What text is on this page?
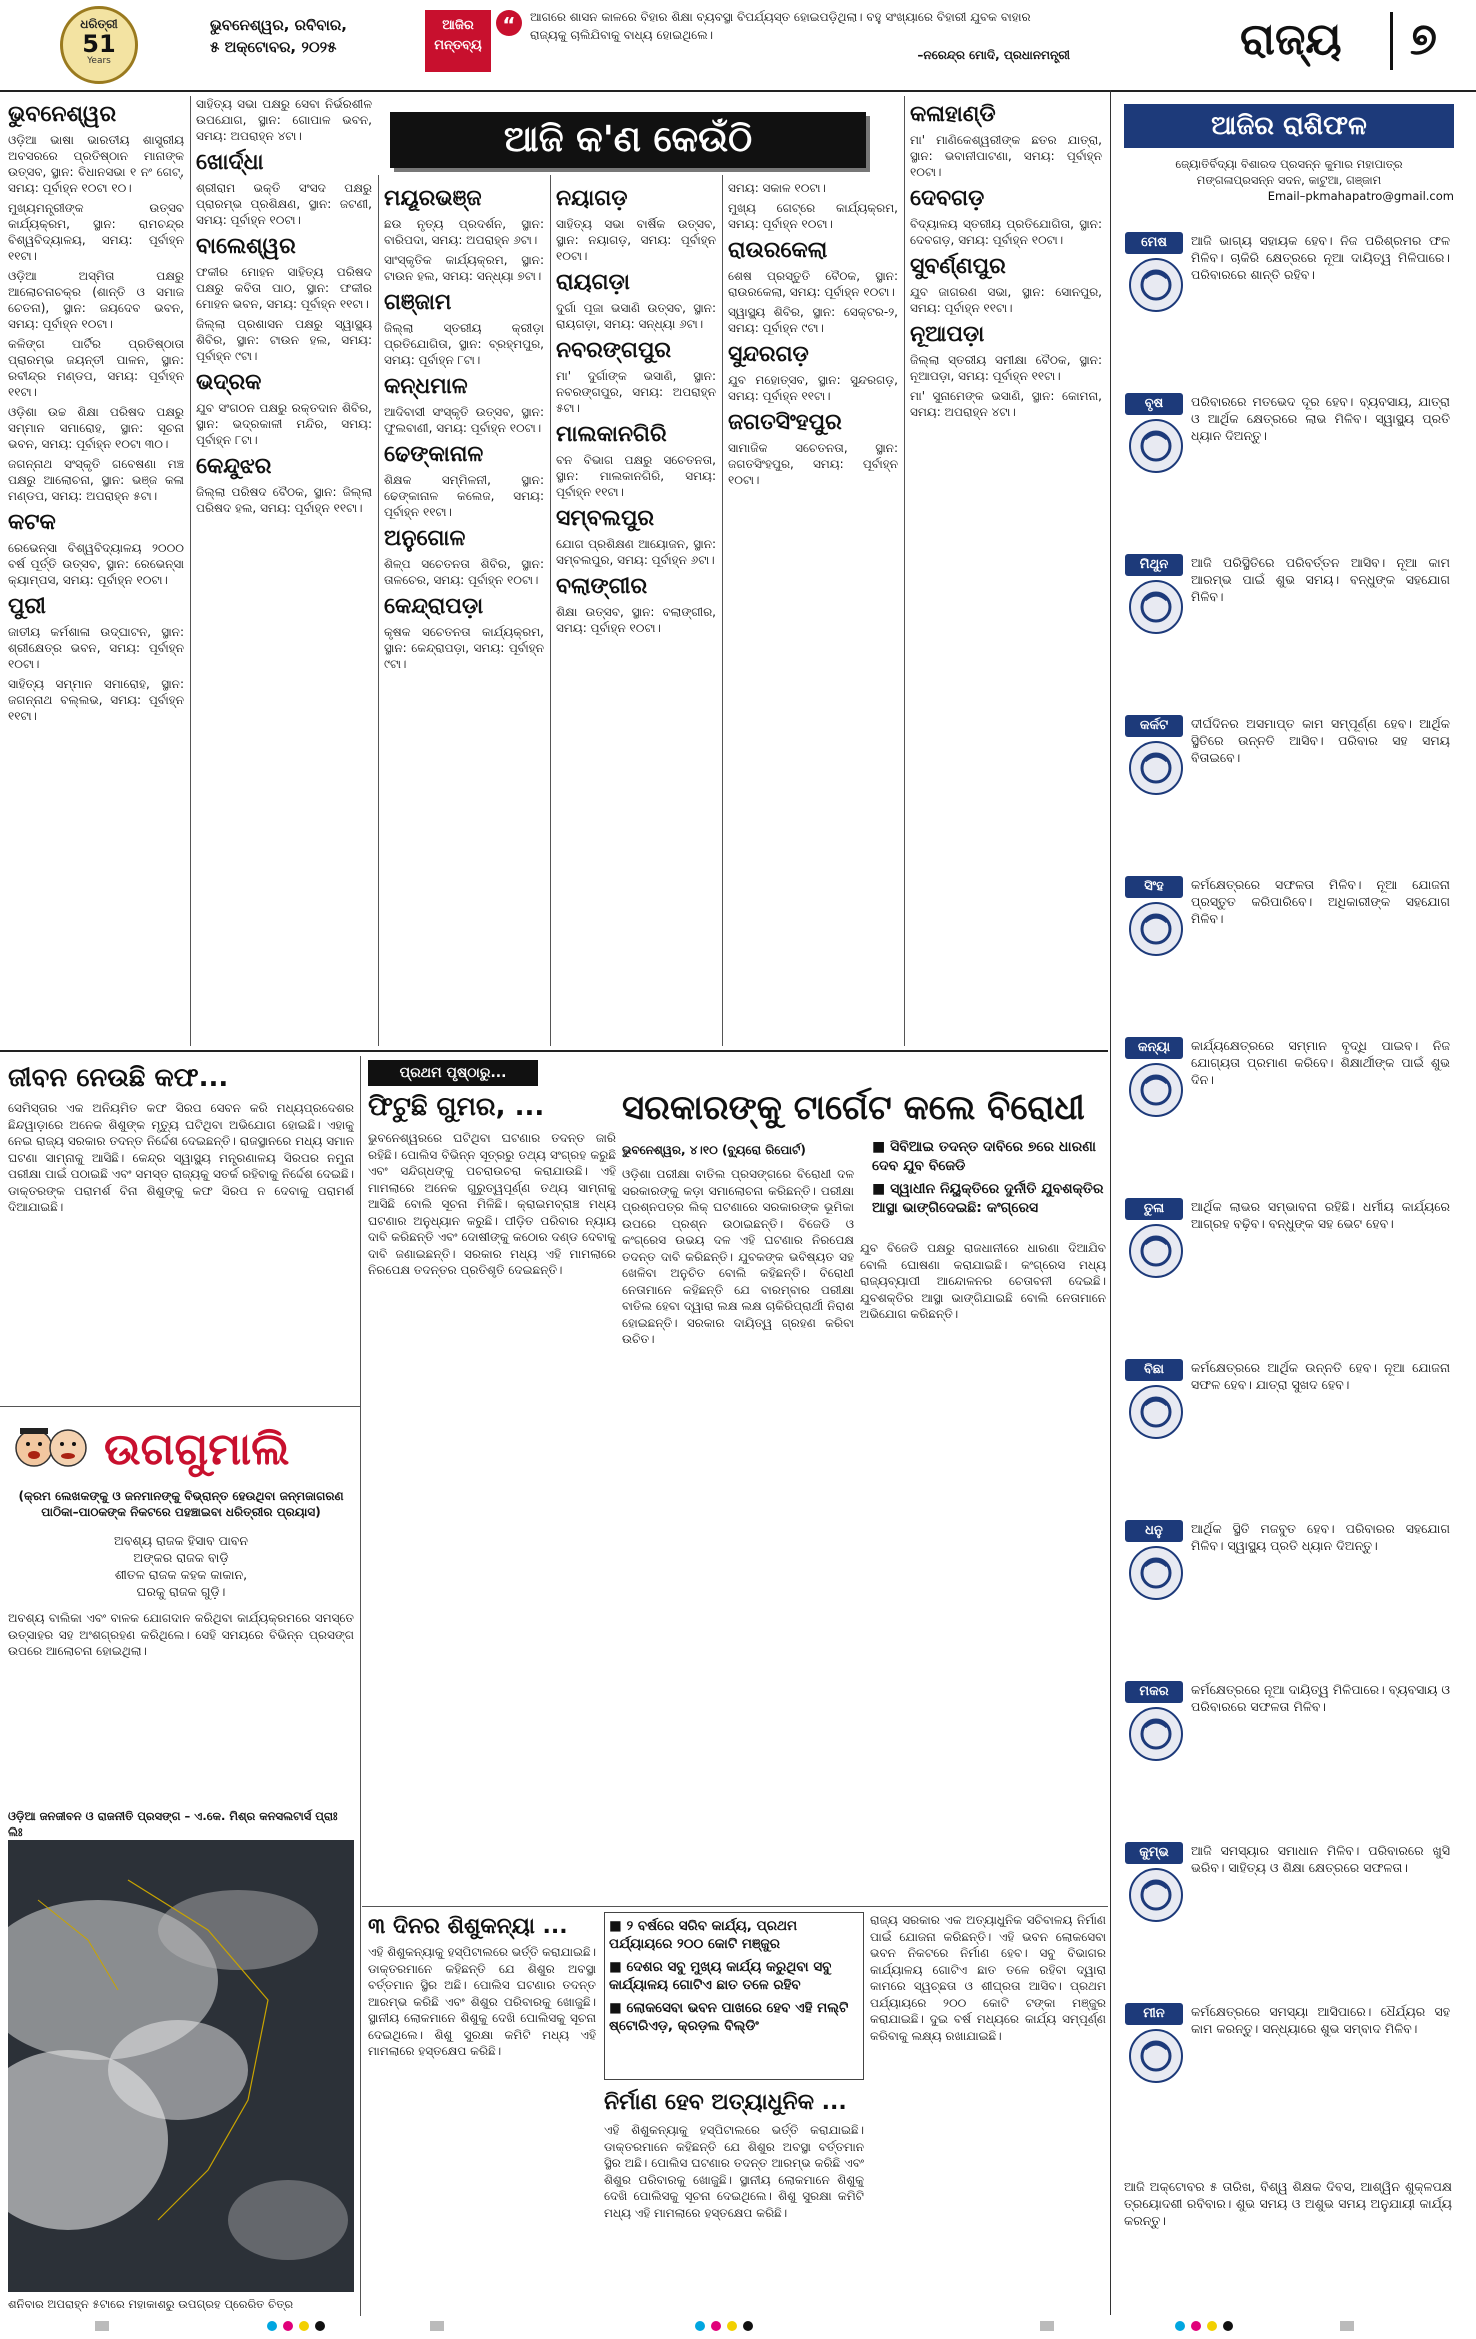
ଧରିତ୍ରୀ
51
Years
ଭୁବନେଶ୍ୱର, ରବିବାର,
୫ ଅକ୍ଟୋବର, ୨୦୨୫
ଆଜିର ମନ୍ତବ୍ୟ
“	ଆଗରେ ଶାସନ କାଳରେ ବିହାର ଶିକ୍ଷା ବ୍ୟବସ୍ଥା ବିପର୍ଯ୍ୟସ୍ତ ହୋଇପଡ଼ିଥିଲା। ବହୁ ସଂଖ୍ୟାରେ ବିହାରୀ ଯୁବକ ବାହାର ରାଜ୍ୟକୁ ଚାଲିଯିବାକୁ ବାଧ୍ୟ ହୋଇଥିଲେ।
–ନରେନ୍ଦ୍ର ମୋଦି, ପ୍ରଧାନମନ୍ତ୍ରୀ	ରାଜ୍ୟ ୭
ଆଜି କ'ଣ କେଉଁଠି
ଭୁବନେଶ୍ୱର
ଓଡ଼ିଆ ଭାଷା ଭାରତୀୟ ଶାସ୍ତ୍ରୀୟ ଅବସରରେ ପ୍ରତିଷ୍ଠାନ ମାନାଙ୍କ ଉତ୍ସବ, ସ୍ଥାନ: ବିଧାନସଭା ୧ ନଂ ଗେଟ୍, ସମୟ: ପୂର୍ବାହ୍ନ ୧୦ଟା ୧୦।
ମୁଖ୍ୟମନ୍ତ୍ରୀଙ୍କ ଉତ୍ସବ କାର୍ଯ୍ୟକ୍ରମ, ସ୍ଥାନ: ରାମଚନ୍ଦ୍ର ବିଶ୍ୱବିଦ୍ୟାଳୟ, ସମୟ: ପୂର୍ବାହ୍ନ ୧୧ଟା।
ଓଡ଼ିଆ ଅସ୍ମିତା ପକ୍ଷରୁ ଆଲୋଚନାଚକ୍ର (ଶାନ୍ତି ଓ ସମାଜ ଚେତନା), ସ୍ଥାନ: ଜୟଦେବ ଭବନ, ସମୟ: ପୂର୍ବାହ୍ନ ୧୦ଟା।
କଳିଙ୍ଗ ପାର୍ଟିର ପ୍ରତିଷ୍ଠାତା ପ୍ରାରମ୍ଭ ଜୟନ୍ତୀ ପାଳନ, ସ୍ଥାନ: ରବୀନ୍ଦ୍ର ମଣ୍ଡପ, ସମୟ: ପୂର୍ବାହ୍ନ ୧୧ଟା।
ଓଡ଼ିଶା ଉଚ୍ଚ ଶିକ୍ଷା ପରିଷଦ ପକ୍ଷରୁ ସମ୍ମାନ ସମାରୋହ, ସ୍ଥାନ: ସୂଚନା ଭବନ, ସମୟ: ପୂର୍ବାହ୍ନ ୧୦ଟା ୩୦।
ଜଗନ୍ନାଥ ସଂସ୍କୃତି ଗବେଷଣା ମଞ୍ଚ ପକ୍ଷରୁ ଆଲୋଚନା, ସ୍ଥାନ: ଭଞ୍ଜ କଳା ମଣ୍ଡପ, ସମୟ: ଅପରାହ୍ନ ୫ଟା।
କଟକ
ରେଭେନ୍ସା ବିଶ୍ୱବିଦ୍ୟାଳୟ ୨୦୦୦ ବର୍ଷ ପୂର୍ତ୍ତି ଉତ୍ସବ, ସ୍ଥାନ: ରେଭେନ୍ସା କ୍ୟାମ୍ପସ, ସମୟ: ପୂର୍ବାହ୍ନ ୧୦ଟା।
ପୁରୀ
ଜାତୀୟ କର୍ମଶାଳା ଉଦ୍‌ଘାଟନ, ସ୍ଥାନ: ଶ୍ରୀକ୍ଷେତ୍ର ଭବନ, ସମୟ: ପୂର୍ବାହ୍ନ ୧୦ଟା।
ସାହିତ୍ୟ ସମ୍ମାନ ସମାରୋହ, ସ୍ଥାନ: ଜଗନ୍ନାଥ ବଲ୍ଲଭ, ସମୟ: ପୂର୍ବାହ୍ନ ୧୧ଟା।
ସାହିତ୍ୟ ସଭା ପକ୍ଷରୁ ସେବା ନିର୍ଭରଶୀଳ ଉପଯୋଗ, ସ୍ଥାନ: ଗୋପାଳ ଭବନ, ସମୟ: ଅପରାହ୍ନ ୪ଟା।
ଖୋର୍ଦ୍ଧା
ଶ୍ରୀରାମ ଭକ୍ତି ସଂସଦ ପକ୍ଷରୁ ପ୍ରାରମ୍ଭ ପ୍ରଶିକ୍ଷଣ, ସ୍ଥାନ: ଜଟଣୀ, ସମୟ: ପୂର୍ବାହ୍ନ ୧୦ଟା।
ବାଲେଶ୍ୱର
ଫକୀର ମୋହନ ସାହିତ୍ୟ ପରିଷଦ ପକ୍ଷରୁ କବିତା ପାଠ, ସ୍ଥାନ: ଫକୀର ମୋହନ ଭବନ, ସମୟ: ପୂର୍ବାହ୍ନ ୧୧ଟା।
ଜିଲ୍ଲା ପ୍ରଶାସନ ପକ୍ଷରୁ ସ୍ୱାସ୍ଥ୍ୟ ଶିବିର, ସ୍ଥାନ: ଟାଉନ ହଲ, ସମୟ: ପୂର୍ବାହ୍ନ ୯ଟା।
ଭଦ୍ରକ
ଯୁବ ସଂଗଠନ ପକ୍ଷରୁ ରକ୍ତଦାନ ଶିବିର, ସ୍ଥାନ: ଭଦ୍ରକାଳୀ ମନ୍ଦିର, ସମୟ: ପୂର୍ବାହ୍ନ ୮ଟା।
କେନ୍ଦୁଝର
ଜିଲ୍ଲା ପରିଷଦ ବୈଠକ, ସ୍ଥାନ: ଜିଲ୍ଲା ପରିଷଦ ହଲ, ସମୟ: ପୂର୍ବାହ୍ନ ୧୧ଟା।
ମୟୂରଭଞ୍ଜ
ଛଉ ନୃତ୍ୟ ପ୍ରଦର୍ଶନ, ସ୍ଥାନ: ବାରିପଦା, ସମୟ: ଅପରାହ୍ନ ୬ଟା।
ସାଂସ୍କୃତିକ କାର୍ଯ୍ୟକ୍ରମ, ସ୍ଥାନ: ଟାଉନ ହଲ, ସମୟ: ସନ୍ଧ୍ୟା ୭ଟା।
ଗଞ୍ଜାମ
ଜିଲ୍ଲା ସ୍ତରୀୟ କ୍ରୀଡ଼ା ପ୍ରତିଯୋଗିତା, ସ୍ଥାନ: ବ୍ରହ୍ମପୁର, ସମୟ: ପୂର୍ବାହ୍ନ ୮ଟା।
କନ୍ଧମାଳ
ଆଦିବାସୀ ସଂସ୍କୃତି ଉତ୍ସବ, ସ୍ଥାନ: ଫୁଲବାଣୀ, ସମୟ: ପୂର୍ବାହ୍ନ ୧୦ଟା।
ଢେଙ୍କାନାଳ
ଶିକ୍ଷକ ସମ୍ମିଳନୀ, ସ୍ଥାନ: ଢେଙ୍କାନାଳ କଲେଜ, ସମୟ: ପୂର୍ବାହ୍ନ ୧୧ଟା।
ଅନୁଗୋଳ
ଶିଳ୍ପ ସଚେତନତା ଶିବିର, ସ୍ଥାନ: ତାଳଚେର, ସମୟ: ପୂର୍ବାହ୍ନ ୧୦ଟା।
କେନ୍ଦ୍ରାପଡ଼ା
କୃଷକ ସଚେତନତା କାର୍ଯ୍ୟକ୍ରମ, ସ୍ଥାନ: କେନ୍ଦ୍ରାପଡ଼ା, ସମୟ: ପୂର୍ବାହ୍ନ ୯ଟା।
ନୟାଗଡ଼
ସାହିତ୍ୟ ସଭା ବାର୍ଷିକ ଉତ୍ସବ, ସ୍ଥାନ: ନୟାଗଡ଼, ସମୟ: ପୂର୍ବାହ୍ନ ୧୦ଟା।
ରାୟଗଡ଼ା
ଦୁର୍ଗା ପୂଜା ଭସାଣି ଉତ୍ସବ, ସ୍ଥାନ: ରାୟଗଡ଼ା, ସମୟ: ସନ୍ଧ୍ୟା ୬ଟା।
ନବରଙ୍ଗପୁର
ମା' ଦୁର୍ଗାଙ୍କ ଭସାଣି, ସ୍ଥାନ: ନବରଙ୍ଗପୁର, ସମୟ: ଅପରାହ୍ନ ୫ଟା।
ମାଲକାନଗିରି
ବନ ବିଭାଗ ପକ୍ଷରୁ ସଚେତନତା, ସ୍ଥାନ: ମାଲକାନଗିରି, ସମୟ: ପୂର୍ବାହ୍ନ ୧୧ଟା।
ସମ୍ବଲପୁର
ଯୋଗ ପ୍ରଶିକ୍ଷଣ ଆୟୋଜନ, ସ୍ଥାନ: ସମ୍ବଲପୁର, ସମୟ: ପୂର୍ବାହ୍ନ ୬ଟା।
ବଲାଙ୍ଗୀର
ଶିକ୍ଷା ଉତ୍ସବ, ସ୍ଥାନ: ବଲାଙ୍ଗୀର, ସମୟ: ପୂର୍ବାହ୍ନ ୧୦ଟା।
ସମୟ: ସକାଳ ୧୦ଟା।
ମୁଖ୍ୟ ଗେଟ୍‌ରେ କାର୍ଯ୍ୟକ୍ରମ, ସମୟ: ପୂର୍ବାହ୍ନ ୧୦ଟା।
ରାଉରକେଲା
ଶେଷ ପ୍ରସ୍ତୁତି ବୈଠକ, ସ୍ଥାନ: ରାଉରକେଲା, ସମୟ: ପୂର୍ବାହ୍ନ ୧୦ଟା।
ସ୍ୱାସ୍ଥ୍ୟ ଶିବିର, ସ୍ଥାନ: ସେକ୍ଟର-୨, ସମୟ: ପୂର୍ବାହ୍ନ ୯ଟା।
ସୁନ୍ଦରଗଡ଼
ଯୁବ ମହୋତ୍ସବ, ସ୍ଥାନ: ସୁନ୍ଦରଗଡ଼, ସମୟ: ପୂର୍ବାହ୍ନ ୧୧ଟା।
ଜଗତସିଂହପୁର
ସାମାଜିକ ସଚେତନତା, ସ୍ଥାନ: ଜଗତସିଂହପୁର, ସମୟ: ପୂର୍ବାହ୍ନ ୧୦ଟା।
କଳାହାଣ୍ଡି
ମା' ମାଣିକେଶ୍ୱରୀଙ୍କ ଛତର ଯାତ୍ରା, ସ୍ଥାନ: ଭବାନୀପାଟଣା, ସମୟ: ପୂର୍ବାହ୍ନ ୧୦ଟା।
ଦେବଗଡ଼
ବିଦ୍ୟାଳୟ ସ୍ତରୀୟ ପ୍ରତିଯୋଗିତା, ସ୍ଥାନ: ଦେବଗଡ଼, ସମୟ: ପୂର୍ବାହ୍ନ ୧୦ଟା।
ସୁବର୍ଣ୍ଣପୁର
ଯୁବ ଜାଗରଣ ସଭା, ସ୍ଥାନ: ସୋନପୁର, ସମୟ: ପୂର୍ବାହ୍ନ ୧୧ଟା।
ନୂଆପଡ଼ା
ଜିଲ୍ଲା ସ୍ତରୀୟ ସମୀକ୍ଷା ବୈଠକ, ସ୍ଥାନ: ନୂଆପଡ଼ା, ସମୟ: ପୂର୍ବାହ୍ନ ୧୧ଟା।
ମା' ସୁନାମେଙ୍କ ଭସାଣି, ସ୍ଥାନ: କୋମନା, ସମୟ: ଅପରାହ୍ନ ୪ଟା।
ଆଜିର ରାଶିଫଳ
ଜ୍ୟୋତିର୍ବିଦ୍ୟା ବିଶାରଦ ପ୍ରସନ୍ନ କୁମାର ମହାପାତ୍ର
ମଙ୍ଗଳାପ୍ରସନ୍ନ ସଦନ, କାଟୁଆ, ଗଞ୍ଜାମ
Email–pkmahapatro@gmail.com
ମେଷ	ଆଜି ଭାଗ୍ୟ ସହାୟକ ହେବ। ନିଜ ପରିଶ୍ରମର ଫଳ ମିଳିବ। ଚାକିରି କ୍ଷେତ୍ରରେ ନୂଆ ଦାୟିତ୍ୱ ମିଳିପାରେ। ପରିବାରରେ ଶାନ୍ତି ରହିବ।
ବୃଷ	ପରିବାରରେ ମତଭେଦ ଦୂର ହେବ। ବ୍ୟବସାୟ, ଯାତ୍ରା ଓ ଆର୍ଥିକ କ୍ଷେତ୍ରରେ ଲାଭ ମିଳିବ। ସ୍ୱାସ୍ଥ୍ୟ ପ୍ରତି ଧ୍ୟାନ ଦିଅନ୍ତୁ।
ମିଥୁନ	ଆଜି ପରିସ୍ଥିତିରେ ପରିବର୍ତ୍ତନ ଆସିବ। ନୂଆ କାମ ଆରମ୍ଭ ପାଇଁ ଶୁଭ ସମୟ। ବନ୍ଧୁଙ୍କ ସହଯୋଗ ମିଳିବ।
କର୍କଟ	ଦୀର୍ଘଦିନର ଅସମାପ୍ତ କାମ ସମ୍ପୂର୍ଣ୍ଣ ହେବ। ଆର୍ଥିକ ସ୍ଥିତିରେ ଉନ୍ନତି ଆସିବ। ପରିବାର ସହ ସମୟ ବିତାଇବେ।
ସିଂହ	କର୍ମକ୍ଷେତ୍ରରେ ସଫଳତା ମିଳିବ। ନୂଆ ଯୋଜନା ପ୍ରସ୍ତୁତ କରିପାରିବେ। ଅଧିକାରୀଙ୍କ ସହଯୋଗ ମିଳିବ।
କନ୍ୟା	କାର୍ଯ୍ୟକ୍ଷେତ୍ରରେ ସମ୍ମାନ ବୃଦ୍ଧି ପାଇବ। ନିଜ ଯୋଗ୍ୟତା ପ୍ରମାଣ କରିବେ। ଶିକ୍ଷାର୍ଥୀଙ୍କ ପାଇଁ ଶୁଭ ଦିନ।
ତୁଳା	ଆର୍ଥିକ ଲାଭର ସମ୍ଭାବନା ରହିଛି। ଧର୍ମୀୟ କାର୍ଯ୍ୟରେ ଆଗ୍ରହ ବଢ଼ିବ। ବନ୍ଧୁଙ୍କ ସହ ଭେଟ ହେବ।
ବିଛା	କର୍ମକ୍ଷେତ୍ରରେ ଆର୍ଥିକ ଉନ୍ନତି ହେବ। ନୂଆ ଯୋଜନା ସଫଳ ହେବ। ଯାତ୍ରା ସୁଖଦ ହେବ।
ଧନୁ	ଆର୍ଥିକ ସ୍ଥିତି ମଜବୁତ ହେବ। ପରିବାରର ସହଯୋଗ ମିଳିବ। ସ୍ୱାସ୍ଥ୍ୟ ପ୍ରତି ଧ୍ୟାନ ଦିଅନ୍ତୁ।
ମକର	କର୍ମକ୍ଷେତ୍ରରେ ନୂଆ ଦାୟିତ୍ୱ ମିଳିପାରେ। ବ୍ୟବସାୟ ଓ ପରିବାରରେ ସଫଳତା ମିଳିବ।
କୁମ୍ଭ	ଆଜି ସମସ୍ୟାର ସମାଧାନ ମିଳିବ। ପରିବାରରେ ଖୁସି ଭରିବ। ସାହିତ୍ୟ ଓ ଶିକ୍ଷା କ୍ଷେତ୍ରରେ ସଫଳତା।
ମୀନ	କର୍ମକ୍ଷେତ୍ରରେ ସମସ୍ୟା ଆସିପାରେ। ଧୈର୍ଯ୍ୟର ସହ କାମ କରନ୍ତୁ। ସନ୍ଧ୍ୟାରେ ଶୁଭ ସମ୍ବାଦ ମିଳିବ।
ଆଜି ଅକ୍ଟୋବର ୫ ତାରିଖ, ବିଶ୍ୱ ଶିକ୍ଷକ ଦିବସ, ଆଶ୍ୱିନ ଶୁକ୍ଳପକ୍ଷ ତ୍ରୟୋଦଶୀ ରବିବାର। ଶୁଭ ସମୟ ଓ ଅଶୁଭ ସମୟ ଅନୁଯାୟୀ କାର୍ଯ୍ୟ କରନ୍ତୁ।
ଜୀବନ ନେଉଛି କଫ...
ସେମିସ୍ତାର ଏକ ଅନିୟମିତ କଫ ସିରପ ସେବନ କରି ମଧ୍ୟପ୍ରଦେଶର ଛିନ୍ଦୱାଡ଼ାରେ ଅନେକ ଶିଶୁଙ୍କ ମୃତ୍ୟୁ ଘଟିଥିବା ଅଭିଯୋଗ ହୋଇଛି। ଏହାକୁ ନେଇ ରାଜ୍ୟ ସରକାର ତଦନ୍ତ ନିର୍ଦ୍ଦେଶ ଦେଇଛନ୍ତି। ରାଜସ୍ଥାନରେ ମଧ୍ୟ ସମାନ ଘଟଣା ସାମ୍ନାକୁ ଆସିଛି। କେନ୍ଦ୍ର ସ୍ୱାସ୍ଥ୍ୟ ମନ୍ତ୍ରଣାଳୟ ସିରପର ନମୁନା ପରୀକ୍ଷା ପାଇଁ ପଠାଇଛି ଏବଂ ସମସ୍ତ ରାଜ୍ୟକୁ ସତର୍କ ରହିବାକୁ ନିର୍ଦ୍ଦେଶ ଦେଇଛି। ଡାକ୍ତରଙ୍କ ପରାମର୍ଶ ବିନା ଶିଶୁଙ୍କୁ କଫ ସିରପ ନ ଦେବାକୁ ପରାମର୍ଶ ଦିଆଯାଇଛି।
ଉଗଗୁମାଲି
(କ୍ରମ ଲେଖକଙ୍କୁ ଓ ଜନମାନଙ୍କୁ ବିଭ୍ରାନ୍ତ ହେଉଥିବା ଜନ୍ମଜାଗରଣ ପାଠିକା–ପାଠକଙ୍କ ନିକଟରେ ପହଞ୍ଚାଇବା ଧରିତ୍ରୀର ପ୍ରୟାସ)
ଅବଶ୍ୟ ରାଜକ ହିସାବ ପାବନ
ଅଙ୍କର ରାଜକ ବାଡ଼ି
ଶୀତଳ ରାଜକ କହକ କାକାନ,
ଘରକୁ ରାଜକ ଗୁଡ଼ି।
ଅବଶ୍ୟ ବାଲିକା ଏବଂ ବାଳକ ଯୋଗଦାନ କରିଥିବା କାର୍ଯ୍ୟକ୍ରମରେ ସମସ୍ତେ ଉତ୍ସାହର ସହ ଅଂଶଗ୍ରହଣ କରିଥିଲେ। ସେହି ସମୟରେ ବିଭିନ୍ନ ପ୍ରସଙ୍ଗ ଉପରେ ଆଲୋଚନା ହୋଇଥିଲା।
ଓଡ଼ିଆ ଜନଜୀବନ ଓ ରାଜନୀତି ପ୍ରସଙ୍ଗ – ଏ.କେ. ମିଶ୍ର କନସଲଟାର୍ସ ପ୍ରାଃ ଲିଃ
ଶନିବାର ଅପରାହ୍ନ ୫ଟାରେ ମହାକାଶରୁ ଉପଗ୍ରହ ପ୍ରେରିତ ଚିତ୍ର
ପ୍ରଥମ ପୃଷ୍ଠାରୁ...
ଫିଟୁଛି ଗୁମର, ...
ଭୁବନେଶ୍ୱରରେ ଘଟିଥିବା ଘଟଣାର ତଦନ୍ତ ଜାରି ରହିଛି। ପୋଲିସ ବିଭିନ୍ନ ସୂତ୍ରରୁ ତଥ୍ୟ ସଂଗ୍ରହ କରୁଛି ଏବଂ ସନ୍ଦିଗ୍ଧଙ୍କୁ ପଚରାଉଚରା କରାଯାଉଛି। ଏହି ମାମଲାରେ ଅନେକ ଗୁରୁତ୍ୱପୂର୍ଣ୍ଣ ତଥ୍ୟ ସାମ୍ନାକୁ ଆସିଛି ବୋଲି ସୂଚନା ମିଳିଛି। କ୍ରାଇମବ୍ରାଞ୍ଚ ମଧ୍ୟ ଘଟଣାର ଅନୁଧ୍ୟାନ କରୁଛି। ପୀଡ଼ିତ ପରିବାର ନ୍ୟାୟ ଦାବି କରିଛନ୍ତି ଏବଂ ଦୋଷୀଙ୍କୁ କଠୋର ଦଣ୍ଡ ଦେବାକୁ ଦାବି ଜଣାଇଛନ୍ତି। ସରକାର ମଧ୍ୟ ଏହି ମାମଲାରେ ନିରପେକ୍ଷ ତଦନ୍ତର ପ୍ରତିଶୃତି ଦେଇଛନ୍ତି।
ସରକାରଙ୍କୁ ଟାର୍ଗେଟ କଲେ ବିରୋଧୀ
ଭୁବନେଶ୍ୱର, ୪।୧୦ (ବ୍ୟୁରୋ ରିପୋର୍ଟ)	■ ସିବିଆଇ ତଦନ୍ତ ଦାବିରେ ୭ରେ ଧାରଣା ଦେବ ଯୁବ ବିଜେଡି
■ ସ୍ୱାଧୀନ ନିୟୁକ୍ତିରେ ଦୁର୍ନୀତି ଯୁବଶକ୍ତିର ଆସ୍ଥା ଭାଙ୍ଗିଦେଇଛି: କଂଗ୍ରେସ
ଓଡ଼ିଶା ପରୀକ୍ଷା ବାତିଲ ପ୍ରସଙ୍ଗରେ ବିରୋଧୀ ଦଳ ସରକାରଙ୍କୁ କଡ଼ା ସମାଲୋଚନା କରିଛନ୍ତି। ପରୀକ୍ଷା ପ୍ରଶ୍ନପତ୍ର ଲିକ୍ ଘଟଣାରେ ସରକାରଙ୍କ ଭୂମିକା ଉପରେ ପ୍ରଶ୍ନ ଉଠାଇଛନ୍ତି। ବିଜେଡି ଓ କଂଗ୍ରେସ ଉଭୟ ଦଳ ଏହି ଘଟଣାର ନିରପେକ୍ଷ ତଦନ୍ତ ଦାବି କରିଛନ୍ତି। ଯୁବକଙ୍କ ଭବିଷ୍ୟତ ସହ ଖେଳିବା ଅନୁଚିତ ବୋଲି କହିଛନ୍ତି। ବିରୋଧୀ ନେତାମାନେ କହିଛନ୍ତି ଯେ ବାରମ୍ବାର ପରୀକ୍ଷା ବାତିଲ ହେବା ଦ୍ୱାରା ଲକ୍ଷ ଲକ୍ଷ ଚାକିରିପ୍ରାର୍ଥୀ ନିରାଶ ହୋଇଛନ୍ତି। ସରକାର ଦାୟିତ୍ୱ ଗ୍ରହଣ କରିବା ଉଚିତ।
ଯୁବ ବିଜେଡି ପକ୍ଷରୁ ରାଜଧାନୀରେ ଧାରଣା ଦିଆଯିବ ବୋଲି ଘୋଷଣା କରାଯାଇଛି। କଂଗ୍ରେସ ମଧ୍ୟ ରାଜ୍ୟବ୍ୟାପୀ ଆନ୍ଦୋଳନର ଚେତାବନୀ ଦେଇଛି। ଯୁବଶକ୍ତିର ଆସ୍ଥା ଭାଙ୍ଗିଯାଇଛି ବୋଲି ନେତାମାନେ ଅଭିଯୋଗ କରିଛନ୍ତି।
୩ ଦିନର ଶିଶୁକନ୍ୟା ...
ଏହି ଶିଶୁକନ୍ୟାକୁ ହସ୍ପିଟାଲରେ ଭର୍ତ୍ତି କରାଯାଇଛି। ଡାକ୍ତରମାନେ କହିଛନ୍ତି ଯେ ଶିଶୁର ଅବସ୍ଥା ବର୍ତ୍ତମାନ ସ୍ଥିର ଅଛି। ପୋଲିସ ଘଟଣାର ତଦନ୍ତ ଆରମ୍ଭ କରିଛି ଏବଂ ଶିଶୁର ପରିବାରକୁ ଖୋଜୁଛି। ସ୍ଥାନୀୟ ଲୋକମାନେ ଶିଶୁକୁ ଦେଖି ପୋଲିସକୁ ସୂଚନା ଦେଇଥିଲେ। ଶିଶୁ ସୁରକ୍ଷା କମିଟି ମଧ୍ୟ ଏହି ମାମଲାରେ ହସ୍ତକ୍ଷେପ କରିଛି।
■ ୨ ବର୍ଷରେ ସରିବ କାର୍ଯ୍ୟ, ପ୍ରଥମ ପର୍ଯ୍ୟାୟରେ ୨୦୦ କୋଟି ମଞ୍ଜୁର
■ ଦେଶର ସବୁ ମୁଖ୍ୟ କାର୍ଯ୍ୟ କରୁଥିବା ସବୁ କାର୍ଯ୍ୟାଳୟ ଗୋଟିଏ ଛାତ ତଳେ ରହିବ
■ ଲୋକସେବା ଭବନ ପାଖରେ ହେବ ଏହି ମଲ୍ଟି ଷ୍ଟୋରିଏଡ଼, କ୍ରଡ଼ଲ ବିଲ୍ଡିଂ
ରାଜ୍ୟ ସରକାର ଏକ ଅତ୍ୟାଧୁନିକ ସଚିବାଳୟ ନିର୍ମାଣ ପାଇଁ ଯୋଜନା କରିଛନ୍ତି। ଏହି ଭବନ ଲୋକସେବା ଭବନ ନିକଟରେ ନିର୍ମାଣ ହେବ। ସବୁ ବିଭାଗର କାର୍ଯ୍ୟାଳୟ ଗୋଟିଏ ଛାତ ତଳେ ରହିବା ଦ୍ୱାରା କାମରେ ସ୍ୱଚ୍ଛତା ଓ ଶୀଘ୍ରତା ଆସିବ। ପ୍ରଥମ ପର୍ଯ୍ୟାୟରେ ୨୦୦ କୋଟି ଟଙ୍କା ମଞ୍ଜୁର କରାଯାଇଛି। ଦୁଇ ବର୍ଷ ମଧ୍ୟରେ କାର୍ଯ୍ୟ ସମ୍ପୂର୍ଣ୍ଣ କରିବାକୁ ଲକ୍ଷ୍ୟ ରଖାଯାଇଛି।
ନିର୍ମାଣ ହେବ ଅତ୍ୟାଧୁନିକ ...
ଏହି ଶିଶୁକନ୍ୟାକୁ ହସ୍ପିଟାଲରେ ଭର୍ତ୍ତି କରାଯାଇଛି। ଡାକ୍ତରମାନେ କହିଛନ୍ତି ଯେ ଶିଶୁର ଅବସ୍ଥା ବର୍ତ୍ତମାନ ସ୍ଥିର ଅଛି। ପୋଲିସ ଘଟଣାର ତଦନ୍ତ ଆରମ୍ଭ କରିଛି ଏବଂ ଶିଶୁର ପରିବାରକୁ ଖୋଜୁଛି। ସ୍ଥାନୀୟ ଲୋକମାନେ ଶିଶୁକୁ ଦେଖି ପୋଲିସକୁ ସୂଚନା ଦେଇଥିଲେ। ଶିଶୁ ସୁରକ୍ଷା କମିଟି ମଧ୍ୟ ଏହି ମାମଲାରେ ହସ୍ତକ୍ଷେପ କରିଛି।
